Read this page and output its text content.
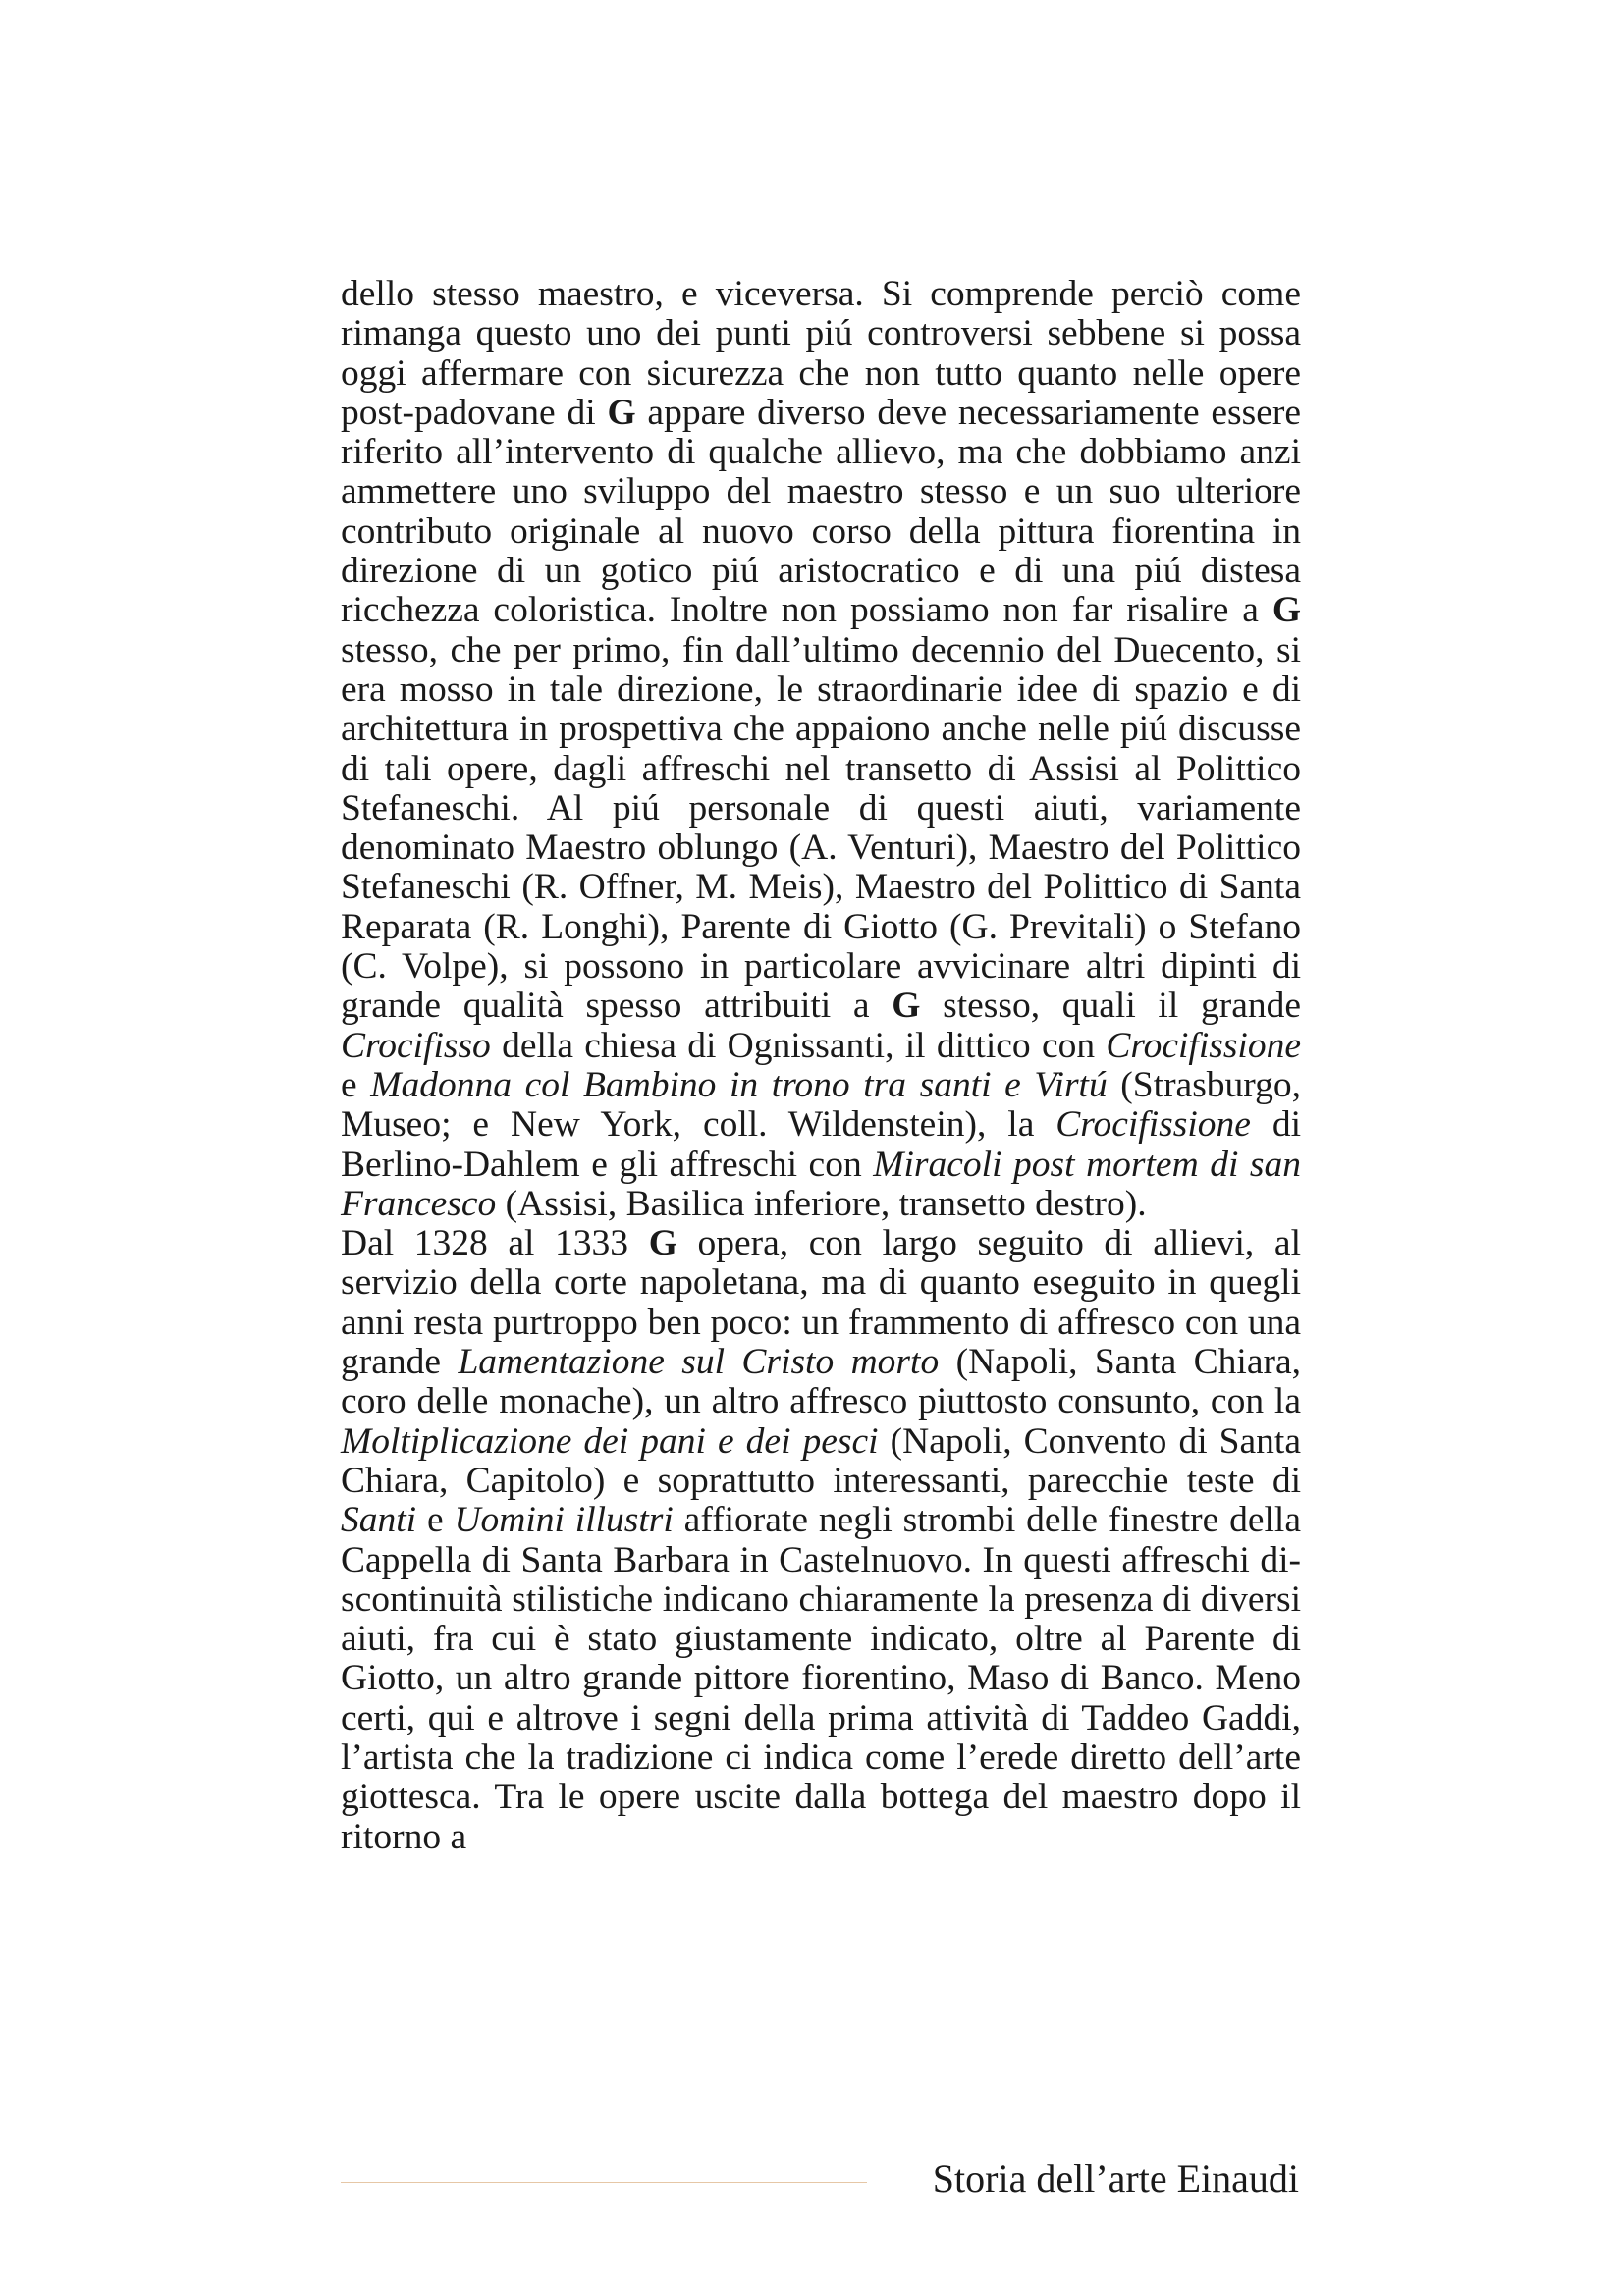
dello stesso maestro, e viceversa. Si comprende perciò come rimanga questo uno dei punti piú controversi sebbene si possa oggi affermare con sicurezza che non tutto quanto nelle opere post-padovane di G appare diverso deve necessariamente essere riferito all’intervento di qualche allievo, ma che dobbiamo anzi ammettere uno sviluppo del maestro stesso e un suo ulteriore contributo originale al nuovo corso della pittura fiorentina in direzione di un gotico piú aristocratico e di una piú distesa ricchezza coloristica. Inoltre non possiamo non far risalire a G stesso, che per primo, fin dall’ultimo decennio del Duecento, si era mosso in tale direzione, le straordinarie idee di spazio e di architettura in prospettiva che appaiono anche nelle piú discusse di tali opere, dagli affreschi nel transetto di Assisi al Polittico Stefaneschi. Al piú personale di questi aiuti, variamente denominato Maestro oblungo (A. Venturi), Maestro del Polittico Stefaneschi (R. Offner, M. Meis), Maestro del Polittico di Santa Reparata (R. Longhi), Parente di Giotto (G. Previtali) o Stefano (C. Volpe), si possono in particolare avvicinare altri dipinti di grande qualità spesso attribuiti a G stesso, quali il grande Crocifisso della chiesa di Ognissanti, il dittico con Crocifissione e Madonna col Bambino in trono tra santi e Virtú (Strasburgo, Museo; e New York, coll. Wildenstein), la Crocifissione di Berlino-Dahlem e gli affreschi con Miracoli post mortem di san Francesco (Assisi, Basilica inferiore, transetto destro).

Dal 1328 al 1333 G opera, con largo seguito di allievi, al servizio della corte napoletana, ma di quanto eseguito in quegli anni resta purtroppo ben poco: un frammento di affresco con una grande Lamentazione sul Cristo morto (Napoli, Santa Chiara, coro delle monache), un altro affresco piuttosto consunto, con la Moltiplicazione dei pani e dei pesci (Napoli, Convento di Santa Chiara, Capitolo) e soprattutto interessanti, parecchie teste di Santi e Uomini illustri affiorate negli strombi delle finestre della Cappella di Santa Barbara in Castelnuovo. In questi affreschi discontinuità stilistiche indicano chiaramente la presenza di diversi aiuti, fra cui è stato giustamente indicato, oltre al Parente di Giotto, un altro grande pittore fiorentino, Maso di Banco. Meno certi, qui e altrove i segni della prima attività di Taddeo Gaddi, l’artista che la tradizione ci indica come l’erede diretto dell’arte giottesca. Tra le opere uscite dalla bottega del maestro dopo il ritorno a

Storia dell’arte Einaudi
